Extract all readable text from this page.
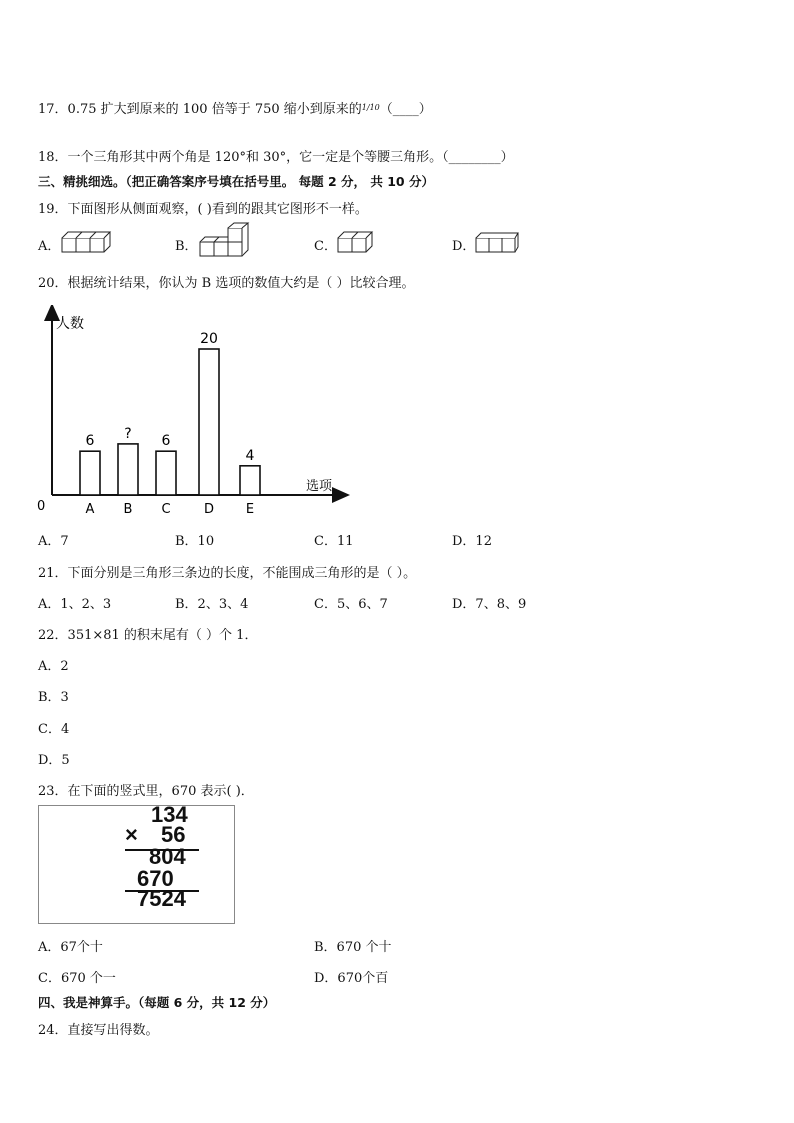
17．0.75 扩大到原来的 100 倍等于 750 缩小到原来的1/10（____）
18．一个三角形其中两个角是 120°和 30°，它一定是个等腰三角形。（________）
三、精挑细选。（把正确答案序号填在括号里。 每题 2 分， 共 10 分）
19．下面图形从侧面观察，( )看到的跟其它图形不一样。
A．	B．	C．	D．
20．根据统计结果，你认为 B 选项的数值大约是（ ）比较合理。
人数
选项
0
6
A
?
B
6
C
20
D
4
E
A．7	B．10	C．11	D．12
21．下面分别是三角形三条边的长度，不能围成三角形的是（ ）。
A．1、2、3	B．2、3、4	C．5、6、7	D．7、8、9
22．351×81 的积末尾有（ ）个 1．
A．2
B．3
C．4
D．5
23．在下面的竖式里，670 表示( )．
134
× 56
804
670
7524
A．67个十	B．670 个十
C．670 个一	D．670个百
四、我是神算手。（每题 6 分，共 12 分）
24．直接写出得数。
